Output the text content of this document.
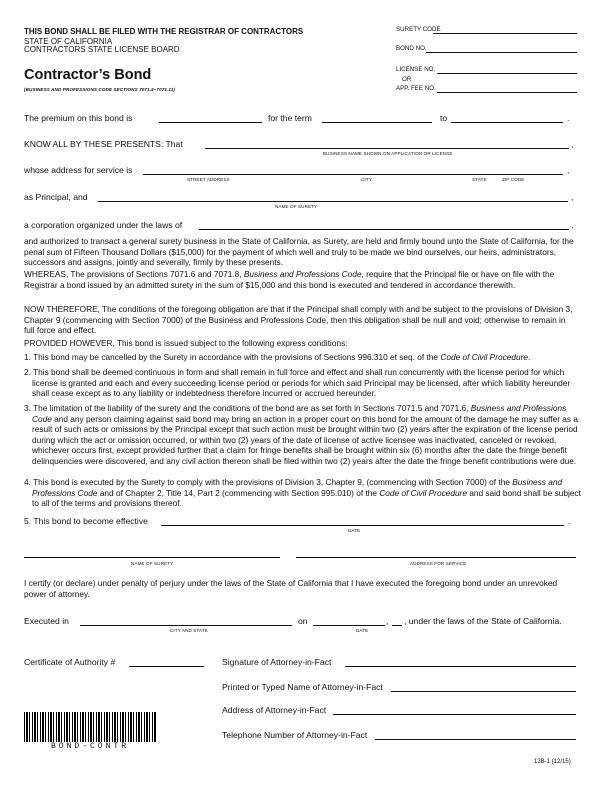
THIS BOND SHALL BE FILED WITH THE REGISTRAR OF CONTRACTORS
STATE OF CALIFORNIA
CONTRACTORS STATE LICENSE BOARD
Contractor’s Bond
(BUSINESS AND PROFESSIONS CODE SECTIONS 7071.5–7071.11)
SURETY CODE
BOND NO.
LICENSE NO.
OR
APP. FEE NO.
The premium on this bond is	for the term	to	.
KNOW ALL BY THESE PRESENTS: That	,
BUSINESS NAME SHOWN ON APPLICATION OR LICENSE
whose address for service is	,
STREET ADDRESS	CITY	STATE	ZIP CODE
as Principal, and	,
NAME OF SURETY
a corporation organized under the laws of	,
and authorized to transact a general surety business in the State of California, as Surety, are held and firmly bound unto the State of California, for the penal sum of Fifteen Thousand Dollars ($15,000) for the payment of which well and truly to be made we bind ourselves, our heirs, administrators, successors and assigns, jointly and severally, firmly by these presents.
WHEREAS, The provisions of Sections 7071.6 and 7071.8, Business and Professions Code, require that the Principal file or have on file with the Registrar a bond issued by an admitted surety in the sum of $15,000 and this bond is executed and tendered in accordance therewith.
NOW THEREFORE, The conditions of the foregoing obligation are that if the Principal shall comply with and be subject to the provisions of Division 3, Chapter 9 (commencing with Section 7000) of the Business and Professions Code, then this obligation shall be null and void; otherwise to remain in full force and effect.
PROVIDED HOWEVER, This bond is issued subject to the following express conditions:
1. This bond may be cancelled by the Surety in accordance with the provisions of Sections 996.310 et seq. of the Code of Civil Procedure.
2. This bond shall be deemed continuous in form and shall remain in full force and effect and shall run concurrently with the license period for which license is granted and each and every succeeding license period or periods for which said Principal may be licensed, after which liability hereunder shall cease except as to any liability or indebtedness therefore incurred or accrued hereunder.
3. The limitation of the liability of the surety and the conditions of the bond are as set forth in Sections 7071.5 and 7071.6, Business and Professions Code and any person claiming against said bond may bring an action in a proper court on this bond for the amount of the damage he may suffer as a result of such acts or omissions by the Principal except that such action must be brought within two (2) years after the expiration of the license period during which the act or omission occurred, or within two (2) years of the date of license of active licensee was inactivated, canceled or revoked, whichever occurs first, except provided further that a claim for fringe benefits shall be brought within six (6) months after the date the fringe benefit delinquencies were discovered, and any civil action thereon shall be filed within two (2) years after the date the fringe benefit contributions were due.
4. This bond is executed by the Surety to comply with the provisions of Division 3, Chapter 9, (commencing with Section 7000) of the Business and Professions Code and of Chapter 2, Title 14, Part 2 (commencing with Section 995.010) of the Code of Civil Procedure and said bond shall be subject to all of the terms and provisions thereof.
5. This bond to become effective	.
DATE
NAME OF SURETY	ADDRESS FOR SERVICE
I certify (or declare) under penalty of perjury under the laws of the State of California that I have executed the foregoing bond under an unrevoked power of attorney.
Executed in	on	, , under the laws of the State of California.
CITY AND STATE	DATE
Certificate of Authority #	Signature of Attorney-in-Fact
Printed or Typed Name of Attorney-in-Fact
Address of Attorney-in-Fact
Telephone Number of Attorney-in-Fact
BOND-CONTR
13B-1 (12/15)
